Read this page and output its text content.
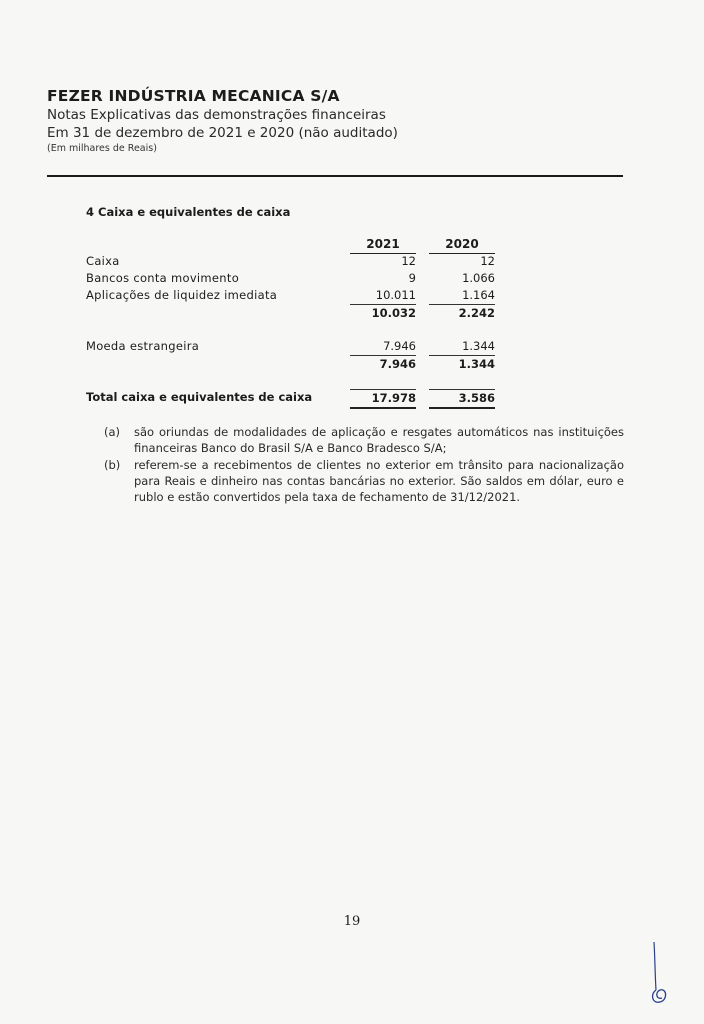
FEZER INDÚSTRIA MECANICA S/A
Notas Explicativas das demonstrações financeiras
Em 31 de dezembro de 2021 e 2020 (não auditado)
(Em milhares de Reais)
4 Caixa e equivalentes de caixa
2021	2020
Caixa	12	12
Bancos conta movimento	9	1.066
Aplicações de liquidez imediata	10.011	1.164
10.032	2.242
Moeda estrangeira	7.946	1.344
7.946	1.344
Total caixa e equivalentes de caixa	17.978	3.586
(a) são oriundas de modalidades de aplicação e resgates automáticos nas instituições financeiras Banco do Brasil S/A e Banco Bradesco S/A;
(b) referem-se a recebimentos de clientes no exterior em trânsito para nacionalização para Reais e dinheiro nas contas bancárias no exterior. São saldos em dólar, euro e rublo e estão convertidos pela taxa de fechamento de 31/12/2021.
19
